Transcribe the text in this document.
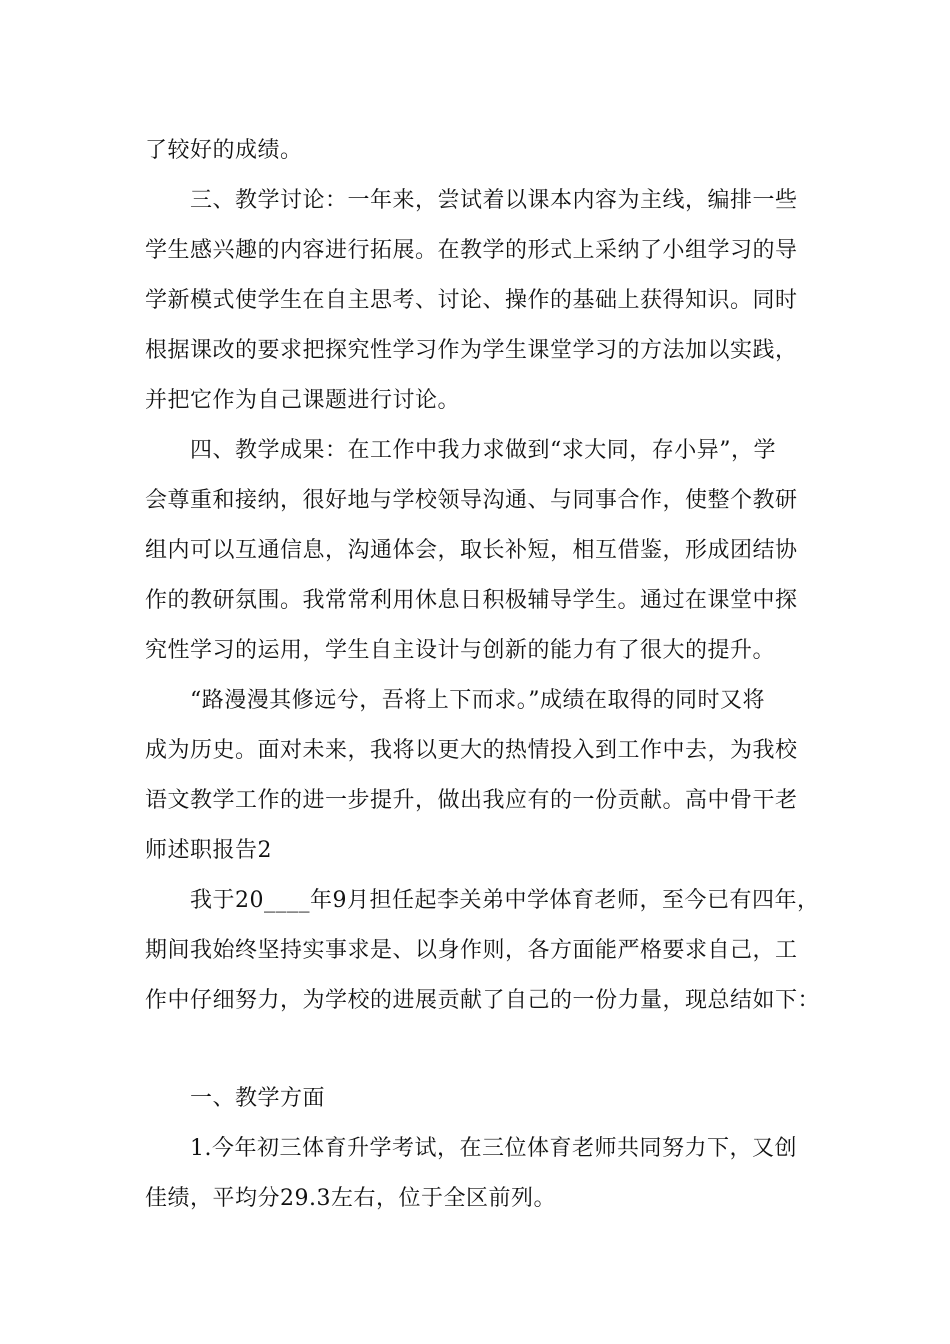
了较好的成绩。
三、教学讨论：一年来，尝试着以课本内容为主线，编排一些
学生感兴趣的内容进行拓展。在教学的形式上采纳了小组学习的导
学新模式使学生在自主思考、讨论、操作的基础上获得知识。同时
根据课改的要求把探究性学习作为学生课堂学习的方法加以实践，
并把它作为自己课题进行讨论。
四、教学成果：在工作中我力求做到“求大同，存小异”，学
会尊重和接纳，很好地与学校领导沟通、与同事合作，使整个教研
组内可以互通信息，沟通体会，取长补短，相互借鉴，形成团结协
作的教研氛围。我常常利用休息日积极辅导学生。通过在课堂中探
究性学习的运用，学生自主设计与创新的能力有了很大的提升。
“路漫漫其修远兮，吾将上下而求。”成绩在取得的同时又将
成为历史。面对未来，我将以更大的热情投入到工作中去，为我校
语文教学工作的进一步提升，做出我应有的一份贡献。高中骨干老
师述职报告2
我于20____年9月担任起李关弟中学体育老师，至今已有四年，
期间我始终坚持实事求是、以身作则，各方面能严格要求自己，工
作中仔细努力，为学校的进展贡献了自己的一份力量，现总结如下：
一、教学方面
1.今年初三体育升学考试，在三位体育老师共同努力下，又创
佳绩，平均分29.3左右，位于全区前列。
